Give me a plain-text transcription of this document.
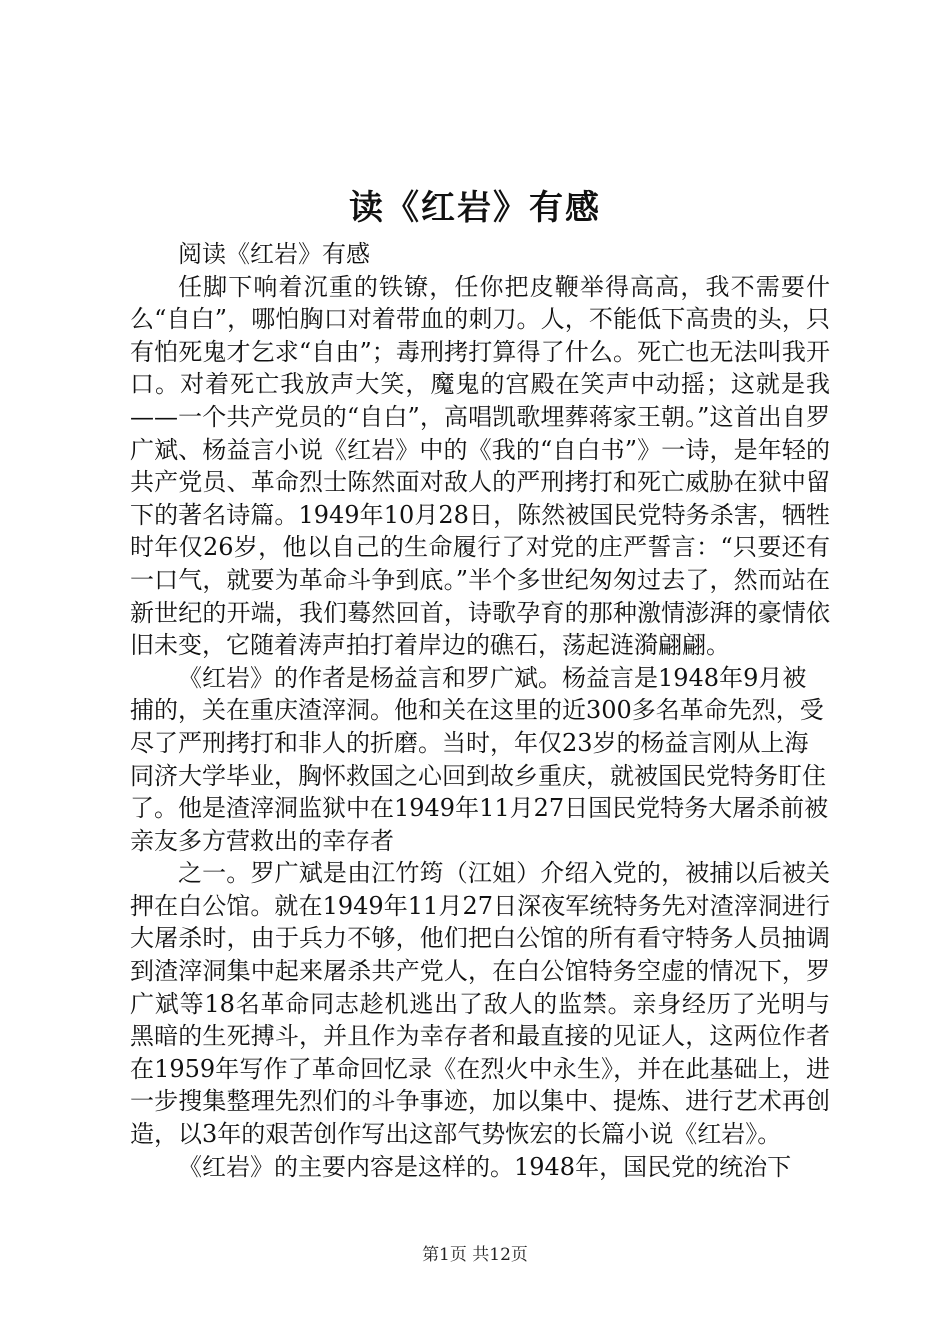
读《红岩》有感

阅读《红岩》有感

任脚下响着沉重的铁镣，任你把皮鞭举得高高，我不需要什么“自白”，哪怕胸口对着带血的刺刀。人，不能低下高贵的头，只有怕死鬼才乞求“自由”；毒刑拷打算得了什么。死亡也无法叫我开口。对着死亡我放声大笑，魔鬼的宫殿在笑声中动摇；这就是我——一个共产党员的“自白”，高唱凯歌埋葬蒋家王朝。”这首出自罗广斌、杨益言小说《红岩》中的《我的“自白书”》一诗，是年轻的共产党员、革命烈士陈然面对敌人的严刑拷打和死亡威胁在狱中留下的著名诗篇。1949年10月28日，陈然被国民党特务杀害，牺牲时年仅26岁，他以自己的生命履行了对党的庄严誓言：“只要还有一口气，就要为革命斗争到底。”半个多世纪匆匆过去了，然而站在新世纪的开端，我们蓦然回首，诗歌孕育的那种激情澎湃的豪情依旧未变，它随着涛声拍打着岸边的礁石，荡起涟漪翩翩。

《红岩》的作者是杨益言和罗广斌。杨益言是1948年9月被捕的，关在重庆渣滓洞。他和关在这里的近300多名革命先烈，受尽了严刑拷打和非人的折磨。当时，年仅23岁的杨益言刚从上海同济大学毕业，胸怀救国之心回到故乡重庆，就被国民党特务盯住了。他是渣滓洞监狱中在1949年11月27日国民党特务大屠杀前被亲友多方营救出的幸存者

之一。罗广斌是由江竹筠（江姐）介绍入党的，被捕以后被关押在白公馆。就在1949年11月27日深夜军统特务先对渣滓洞进行大屠杀时，由于兵力不够，他们把白公馆的所有看守特务人员抽调到渣滓洞集中起来屠杀共产党人，在白公馆特务空虚的情况下，罗广斌等18名革命同志趁机逃出了敌人的监禁。亲身经历了光明与黑暗的生死搏斗，并且作为幸存者和最直接的见证人，这两位作者在1959年写作了革命回忆录《在烈火中永生》，并在此基础上，进一步搜集整理先烈们的斗争事迹，加以集中、提炼、进行艺术再创造，以3年的艰苦创作写出这部气势恢宏的长篇小说《红岩》。

《红岩》的主要内容是这样的。1948年，国民党的统治下

第1页 共12页
